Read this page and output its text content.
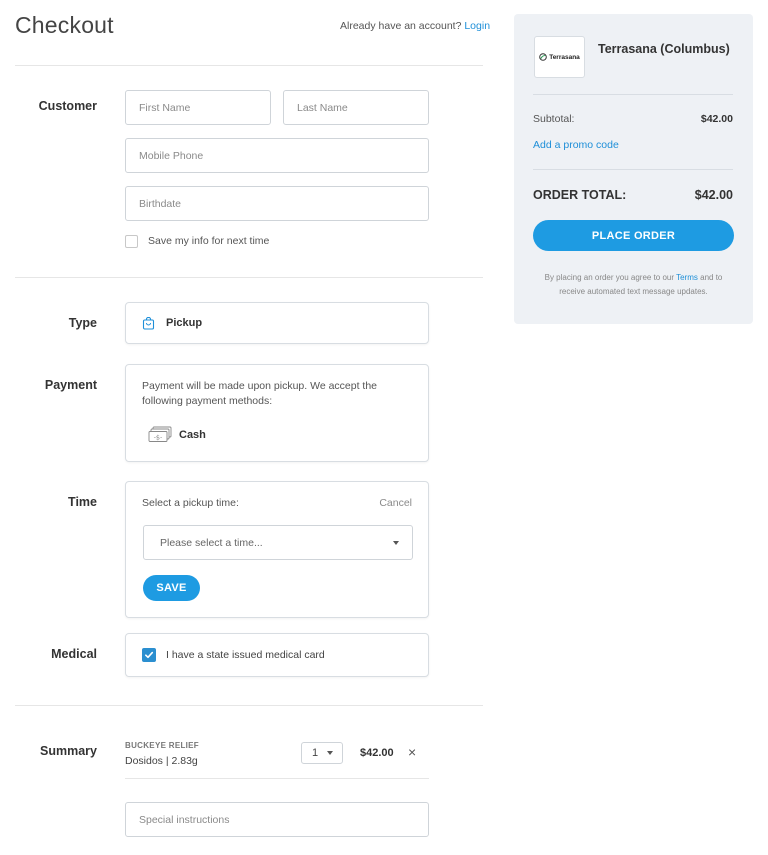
Checkout	Already have an account? Login
Customer	First Name	Last Name
Mobile Phone
Birthdate
Save my info for next time
Type	Pickup
Payment	Payment will be made upon pickup. We accept the following payment methods:
-$- Cash
Time	Select a pickup time:	Cancel
Please select a time...
SAVE
Medical	I have a state issued medical card
Summary	BUCKEYE RELIEF
Dosidos | 2.83g
1	$42.00 ×
Special instructions
Terrasana
Terrasana (Columbus)
Subtotal:	$42.00
Add a promo code
ORDER TOTAL:	$42.00
PLACE ORDER
By placing an order you agree to our Terms and to receive automated text message updates.
